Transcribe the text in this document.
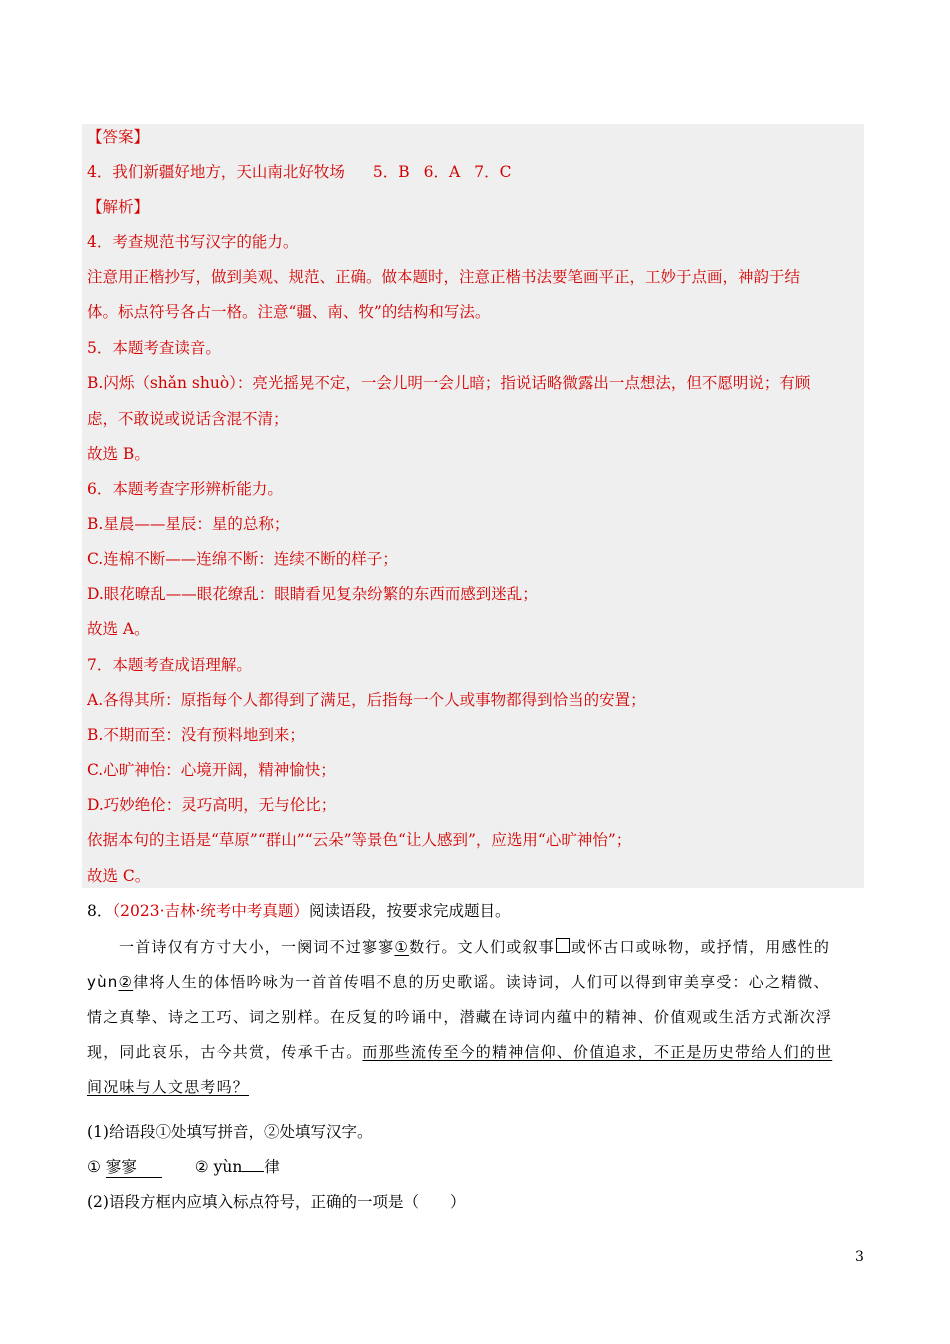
【答案】
4．我们新疆好地方，天山南北好牧场 5．B 6．A 7．C
【解析】
4．考查规范书写汉字的能力。
注意用正楷抄写，做到美观、规范、正确。做本题时，注意正楷书法要笔画平正，工妙于点画，神韵于结
体。标点符号各占一格。注意“疆、南、牧”的结构和写法。
5．本题考查读音。
B.闪烁（shǎn shuò）：亮光摇晃不定，一会儿明一会儿暗；指说话略微露出一点想法，但不愿明说；有顾
虑，不敢说或说话含混不清；
故选 B。
6．本题考查字形辨析能力。
B.星晨——星辰：星的总称；
C.连棉不断——连绵不断：连续不断的样子；
D.眼花暸乱——眼花缭乱：眼睛看见复杂纷繁的东西而感到迷乱；
故选 A。
7．本题考查成语理解。
A.各得其所：原指每个人都得到了满足，后指每一个人或事物都得到恰当的安置；
B.不期而至：没有预料地到来；
C.心旷神怡：心境开阔，精神愉快；
D.巧妙绝伦：灵巧高明，无与伦比；
依据本句的主语是“草原”“群山”“云朵”等景色“让人感到”，应选用“心旷神怡”；
故选 C。
8．（2023·吉林·统考中考真题）阅读语段，按要求完成题目。
一首诗仅有方寸大小，一阕词不过寥寥①数行。文人们或叙事 或怀古口或咏物，或抒情，用感性的
yùn②律将人生的体悟吟咏为一首首传唱不息的历史歌谣。读诗词，人们可以得到审美享受：心之精微、
情之真挚、诗之工巧、词之别样。在反复的吟诵中，潜藏在诗词内蕴中的精神、价值观或生活方式渐次浮
现，同此哀乐，古今共赏，传承千古。而那些流传至今的精神信仰、价值追求，不正是历史带给人们的世
间况味与人文思考吗？
(1)给语段①处填写拼音，②处填写汉字。
① 寥寥	② yùn 律
(2)语段方框内应填入标点符号，正确的一项是（　　）
3
